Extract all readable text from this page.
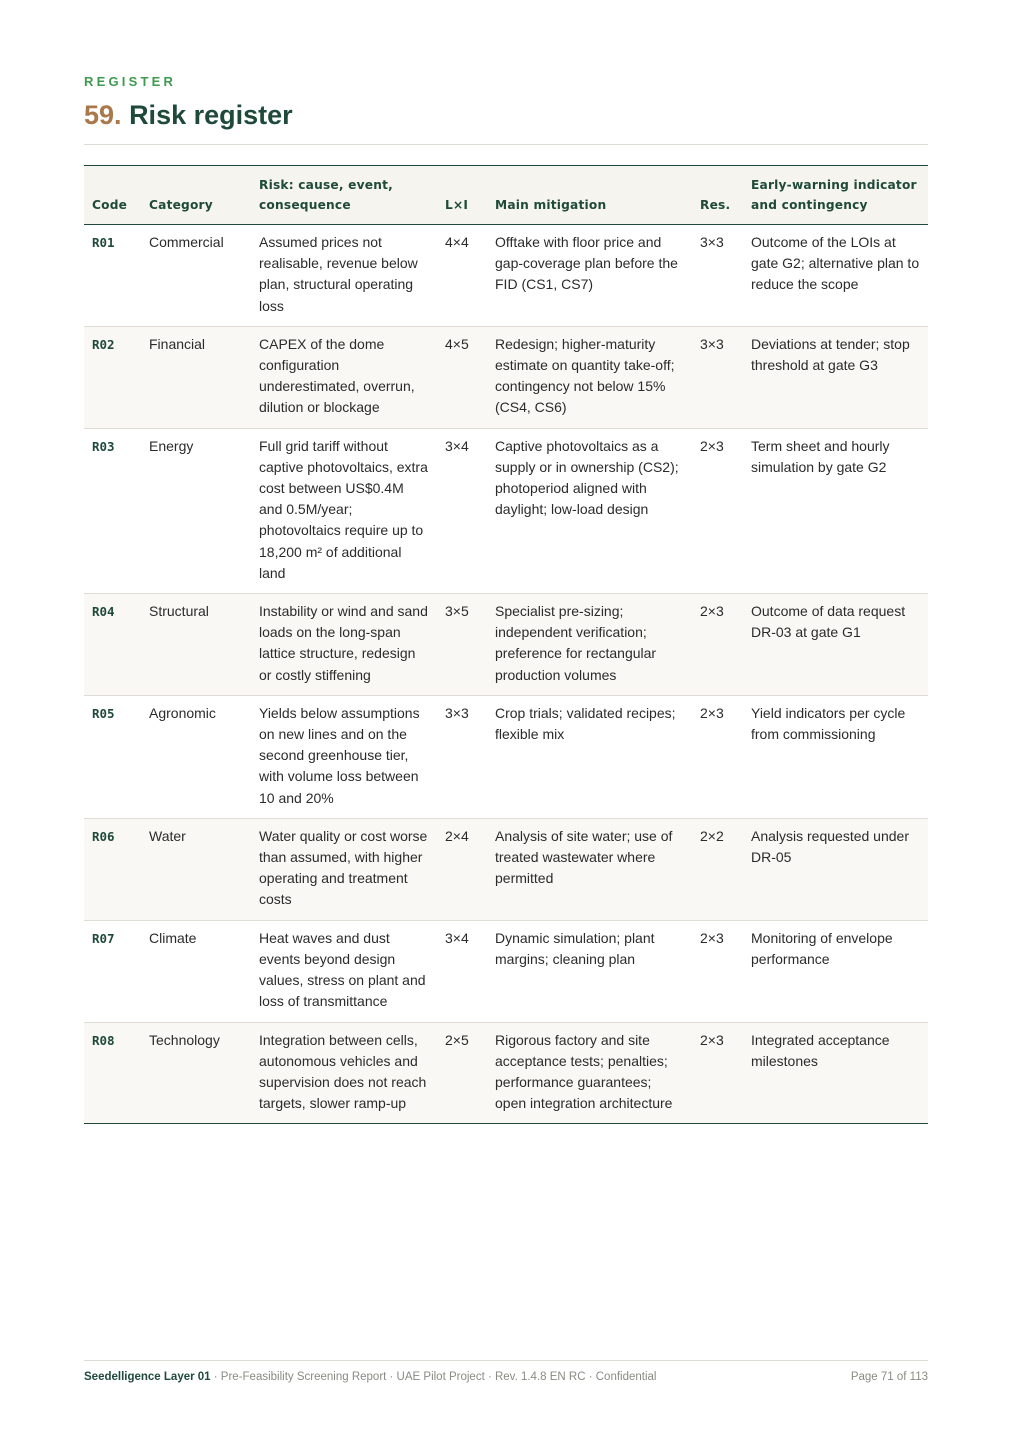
REGISTER
59. Risk register
Code	Category	Risk: cause, event, consequence	L×I	Main mitigation	Res.	Early-warning indicator and contingency
R01	Commercial	Assumed prices not realisable, revenue below plan, structural operating loss	4×4	Offtake with floor price and gap-coverage plan before the FID (CS1, CS7)	3×3	Outcome of the LOIs at gate G2; alternative plan to reduce the scope
R02	Financial	CAPEX of the dome configuration underestimated, overrun, dilution or blockage	4×5	Redesign; higher-maturity estimate on quantity take-off; contingency not below 15% (CS4, CS6)	3×3	Deviations at tender; stop threshold at gate G3
R03	Energy	Full grid tariff without captive photovoltaics, extra cost between US$0.4M and 0.5M/year; photovoltaics require up to 18,200 m² of additional land	3×4	Captive photovoltaics as a supply or in ownership (CS2); photoperiod aligned with daylight; low-load design	2×3	Term sheet and hourly simulation by gate G2
R04	Structural	Instability or wind and sand loads on the long-span lattice structure, redesign or costly stiffening	3×5	Specialist pre-sizing; independent verification; preference for rectangular production volumes	2×3	Outcome of data request DR-03 at gate G1
R05	Agronomic	Yields below assumptions on new lines and on the second greenhouse tier, with volume loss between 10 and 20%	3×3	Crop trials; validated recipes; flexible mix	2×3	Yield indicators per cycle from commissioning
R06	Water	Water quality or cost worse than assumed, with higher operating and treatment costs	2×4	Analysis of site water; use of treated wastewater where permitted	2×2	Analysis requested under DR-05
R07	Climate	Heat waves and dust events beyond design values, stress on plant and loss of transmittance	3×4	Dynamic simulation; plant margins; cleaning plan	2×3	Monitoring of envelope performance
R08	Technology	Integration between cells, autonomous vehicles and supervision does not reach targets, slower ramp-up	2×5	Rigorous factory and site acceptance tests; penalties; performance guarantees; open integration architecture	2×3	Integrated acceptance milestones
Seedelligence Layer 01 · Pre-Feasibility Screening Report · UAE Pilot Project · Rev. 1.4.8 EN RC · Confidential	Page 71 of 113
